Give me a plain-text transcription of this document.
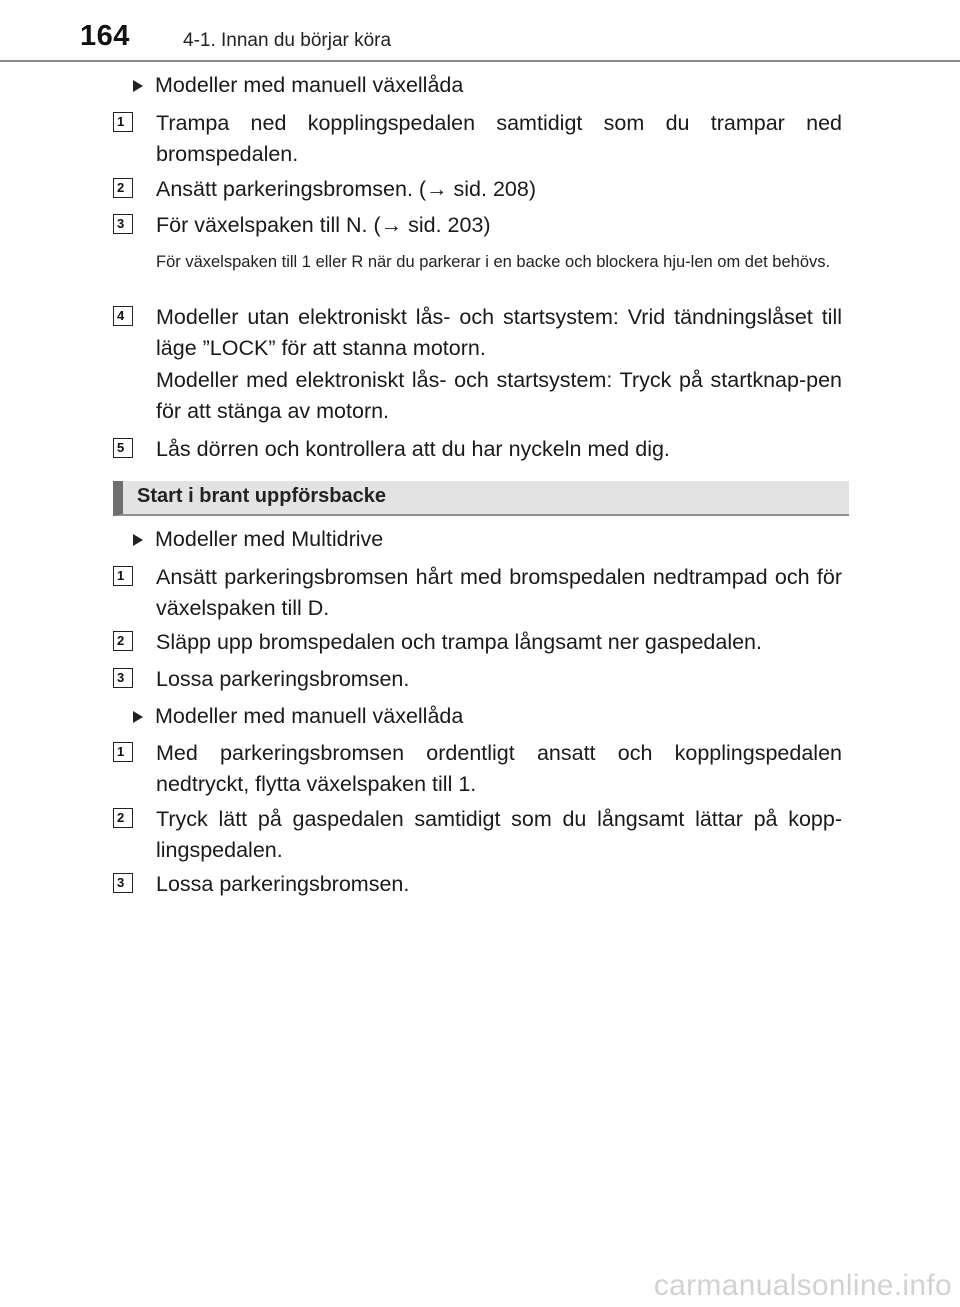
164	4-1. Innan du börjar köra
Modeller med manuell växellåda
1	Trampa ned kopplingspedalen samtidigt som du trampar ned bromspedalen.
2	Ansätt parkeringsbromsen. (→ sid. 208)
3	För växelspaken till N. (→ sid. 203)
För växelspaken till 1 eller R när du parkerar i en backe och blockera hju-len om det behövs.
4	Modeller utan elektroniskt lås- och startsystem: Vrid tändningslåset till läge ”LOCK” för att stanna motorn.
Modeller med elektroniskt lås- och startsystem: Tryck på startknap-pen för att stänga av motorn.
5	Lås dörren och kontrollera att du har nyckeln med dig.
Start i brant uppförsbacke
Modeller med Multidrive
1	Ansätt parkeringsbromsen hårt med bromspedalen nedtrampad och för växelspaken till D.
2	Släpp upp bromspedalen och trampa långsamt ner gaspedalen.
3	Lossa parkeringsbromsen.
Modeller med manuell växellåda
1	Med parkeringsbromsen ordentligt ansatt och kopplingspedalen nedtryckt, flytta växelspaken till 1.
2	Tryck lätt på gaspedalen samtidigt som du långsamt lättar på kopp-lingspedalen.
3	Lossa parkeringsbromsen.
carmanualsonline.info
